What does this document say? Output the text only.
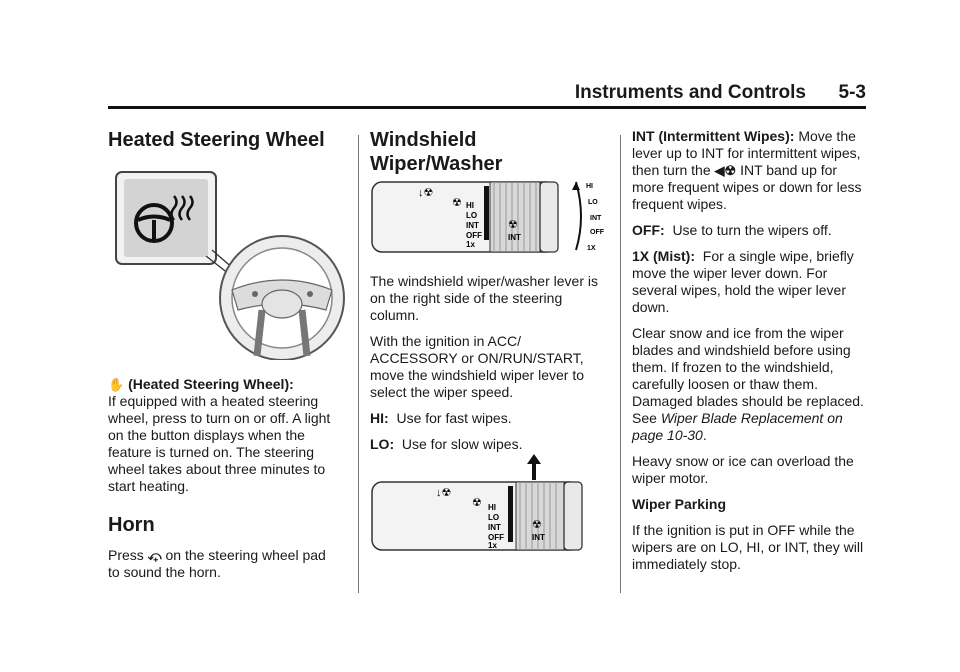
Instruments and Controls 5-3
Heated Steering Wheel

✋ (Heated Steering Wheel):
If equipped with a heated steering wheel, press to turn on or off. A light on the button displays when the feature is turned on. The steering wheel takes about three minutes to start heating.

Horn

Press ⤽ on the steering wheel pad
to sound the horn.

Windshield Wiper/Washer
↓☢
☢ HI
LO
INT
OFF
1x
INT
☢
HI
LO
INT
OFF
1X

The windshield wiper/washer lever is on the right side of the steering column.

With the ignition in ACC/ ACCESSORY or ON/RUN/START, move the windshield wiper lever to select the wiper speed.

HI: Use for fast wipes.

LO: Use for slow wipes.

↓☢
☢ HI
LO
INT
OFF
1x
INT
☢

INT (Intermittent Wipes): Move the lever up to INT for intermittent wipes, then turn the ◀☢ INT band up for more frequent wipes or down for less frequent wipes.

OFF: Use to turn the wipers off.

1X (Mist): For a single wipe, briefly move the wiper lever down. For several wipes, hold the wiper lever down.

Clear snow and ice from the wiper blades and windshield before using them. If frozen to the windshield, carefully loosen or thaw them. Damaged blades should be replaced. See Wiper Blade Replacement on page 10-30.

Heavy snow or ice can overload the wiper motor.

Wiper Parking

If the ignition is put in OFF while the wipers are on LO, HI, or INT, they will immediately stop.
